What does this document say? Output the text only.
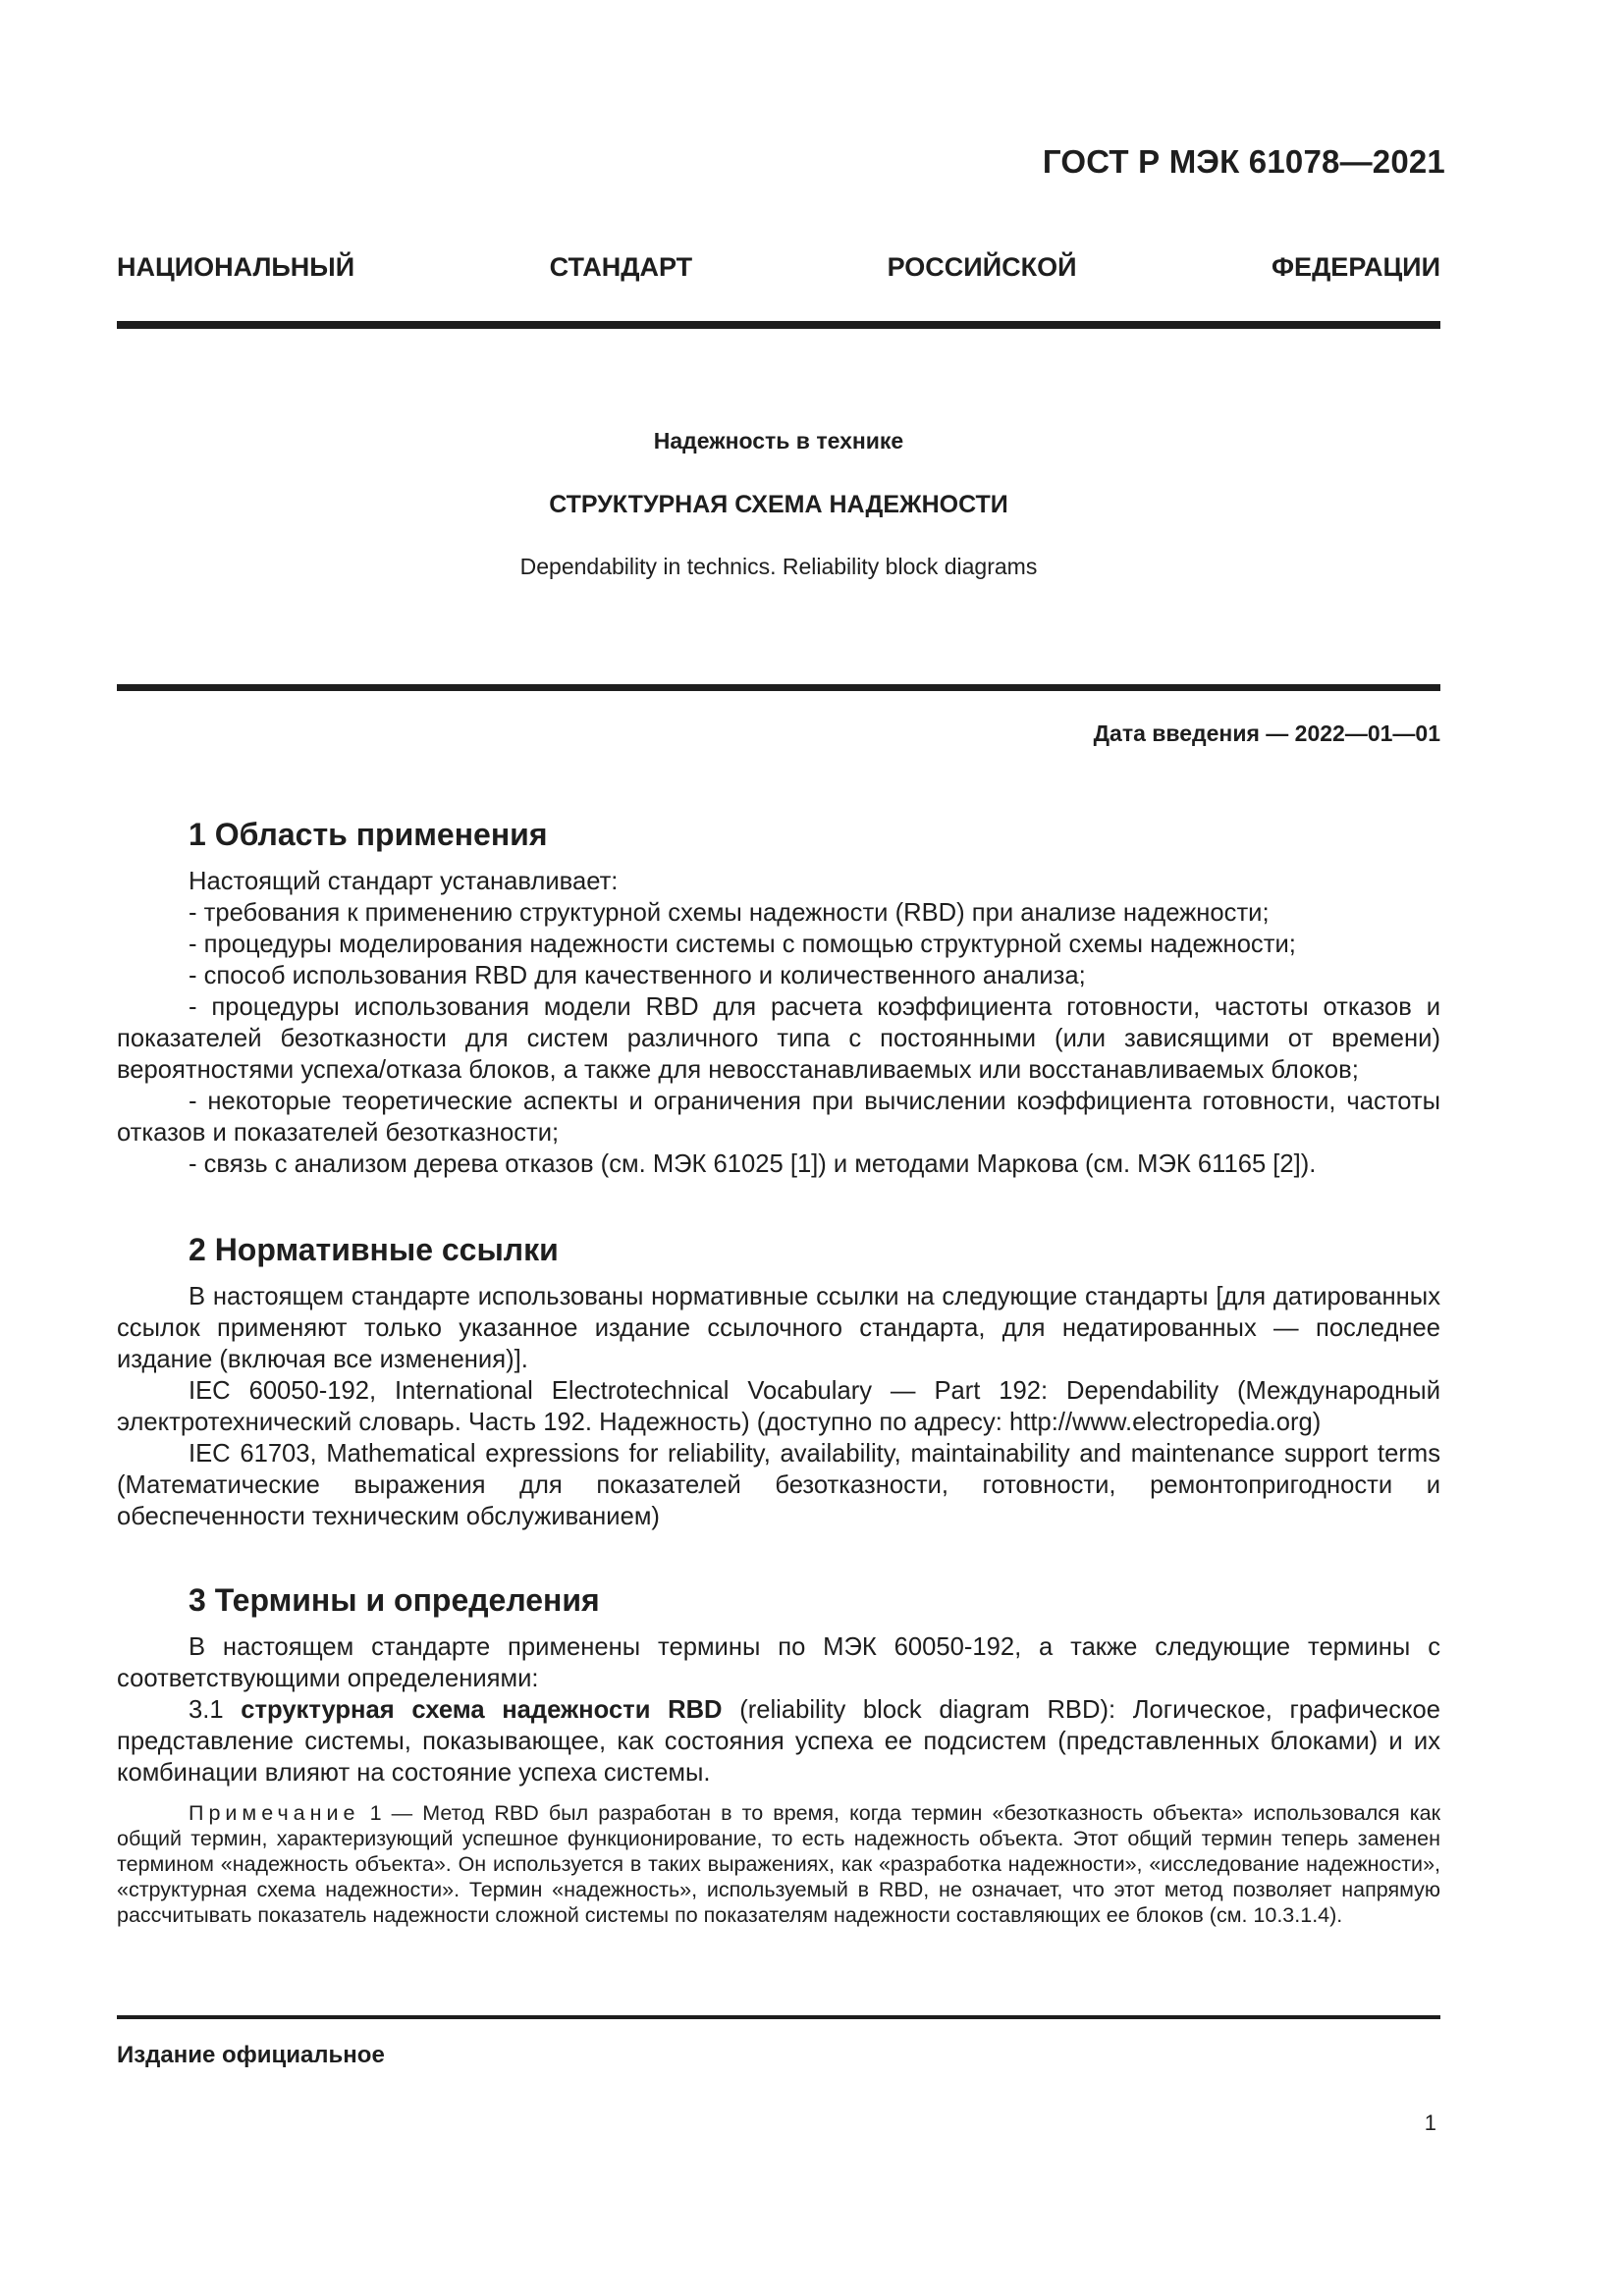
ГОСТ Р МЭК 61078—2021
НАЦИОНАЛЬНЫЙ	СТАНДАРТ	РОССИЙСКОЙ	ФЕДЕРАЦИИ
Надежность в технике
СТРУКТУРНАЯ СХЕМА НАДЕЖНОСТИ
Dependability in technics. Reliability block diagrams
Дата введения — 2022—01—01
1 Область применения

Настоящий стандарт устанавливает:

- требования к применению структурной схемы надежности (RBD) при анализе надежности;

- процедуры моделирования надежности системы с помощью структурной схемы надежности;

- способ использования RBD для качественного и количественного анализа;

- процедуры использования модели RBD для расчета коэффициента готовности, частоты отказов и показателей безотказности для систем различного типа с постоянными (или зависящими от времени) вероятностями успеха/отказа блоков, а также для невосстанавливаемых или восстанавливаемых блоков;

- некоторые теоретические аспекты и ограничения при вычислении коэффициента готовности, частоты отказов и показателей безотказности;

- связь с анализом дерева отказов (см. МЭК 61025 [1]) и методами Маркова (см. МЭК 61165 [2]).

2 Нормативные ссылки

В настоящем стандарте использованы нормативные ссылки на следующие стандарты [для датированных ссылок применяют только указанное издание ссылочного стандарта, для недатированных — последнее издание (включая все изменения)].

IEC 60050-192, International Electrotechnical Vocabulary — Part 192: Dependability (Международный электротехнический словарь. Часть 192. Надежность) (доступно по адресу: http://www.electropedia.org)

IEC 61703, Mathematical expressions for reliability, availability, maintainability and maintenance support terms (Математические выражения для показателей безотказности, готовности, ремонтопригодности и обеспеченности техническим обслуживанием)

3 Термины и определения

В настоящем стандарте применены термины по МЭК 60050-192, а также следующие термины с соответствующими определениями:

3.1 структурная схема надежности RBD (reliability block diagram RBD): Логическое, графическое представление системы, показывающее, как состояния успеха ее подсистем (представленных блоками) и их комбинации влияют на состояние успеха системы.

Примечание 1 — Метод RBD был разработан в то время, когда термин «безотказность объекта» использовался как общий термин, характеризующий успешное функционирование, то есть надежность объекта. Этот общий термин теперь заменен термином «надежность объекта». Он используется в таких выражениях, как «разработка надежности», «исследование надежности», «структурная схема надежности». Термин «надежность», используемый в RBD, не означает, что этот метод позволяет напрямую рассчитывать показатель надежности сложной системы по показателям надежности составляющих ее блоков (см. 10.3.1.4).

Издание официальное
1
